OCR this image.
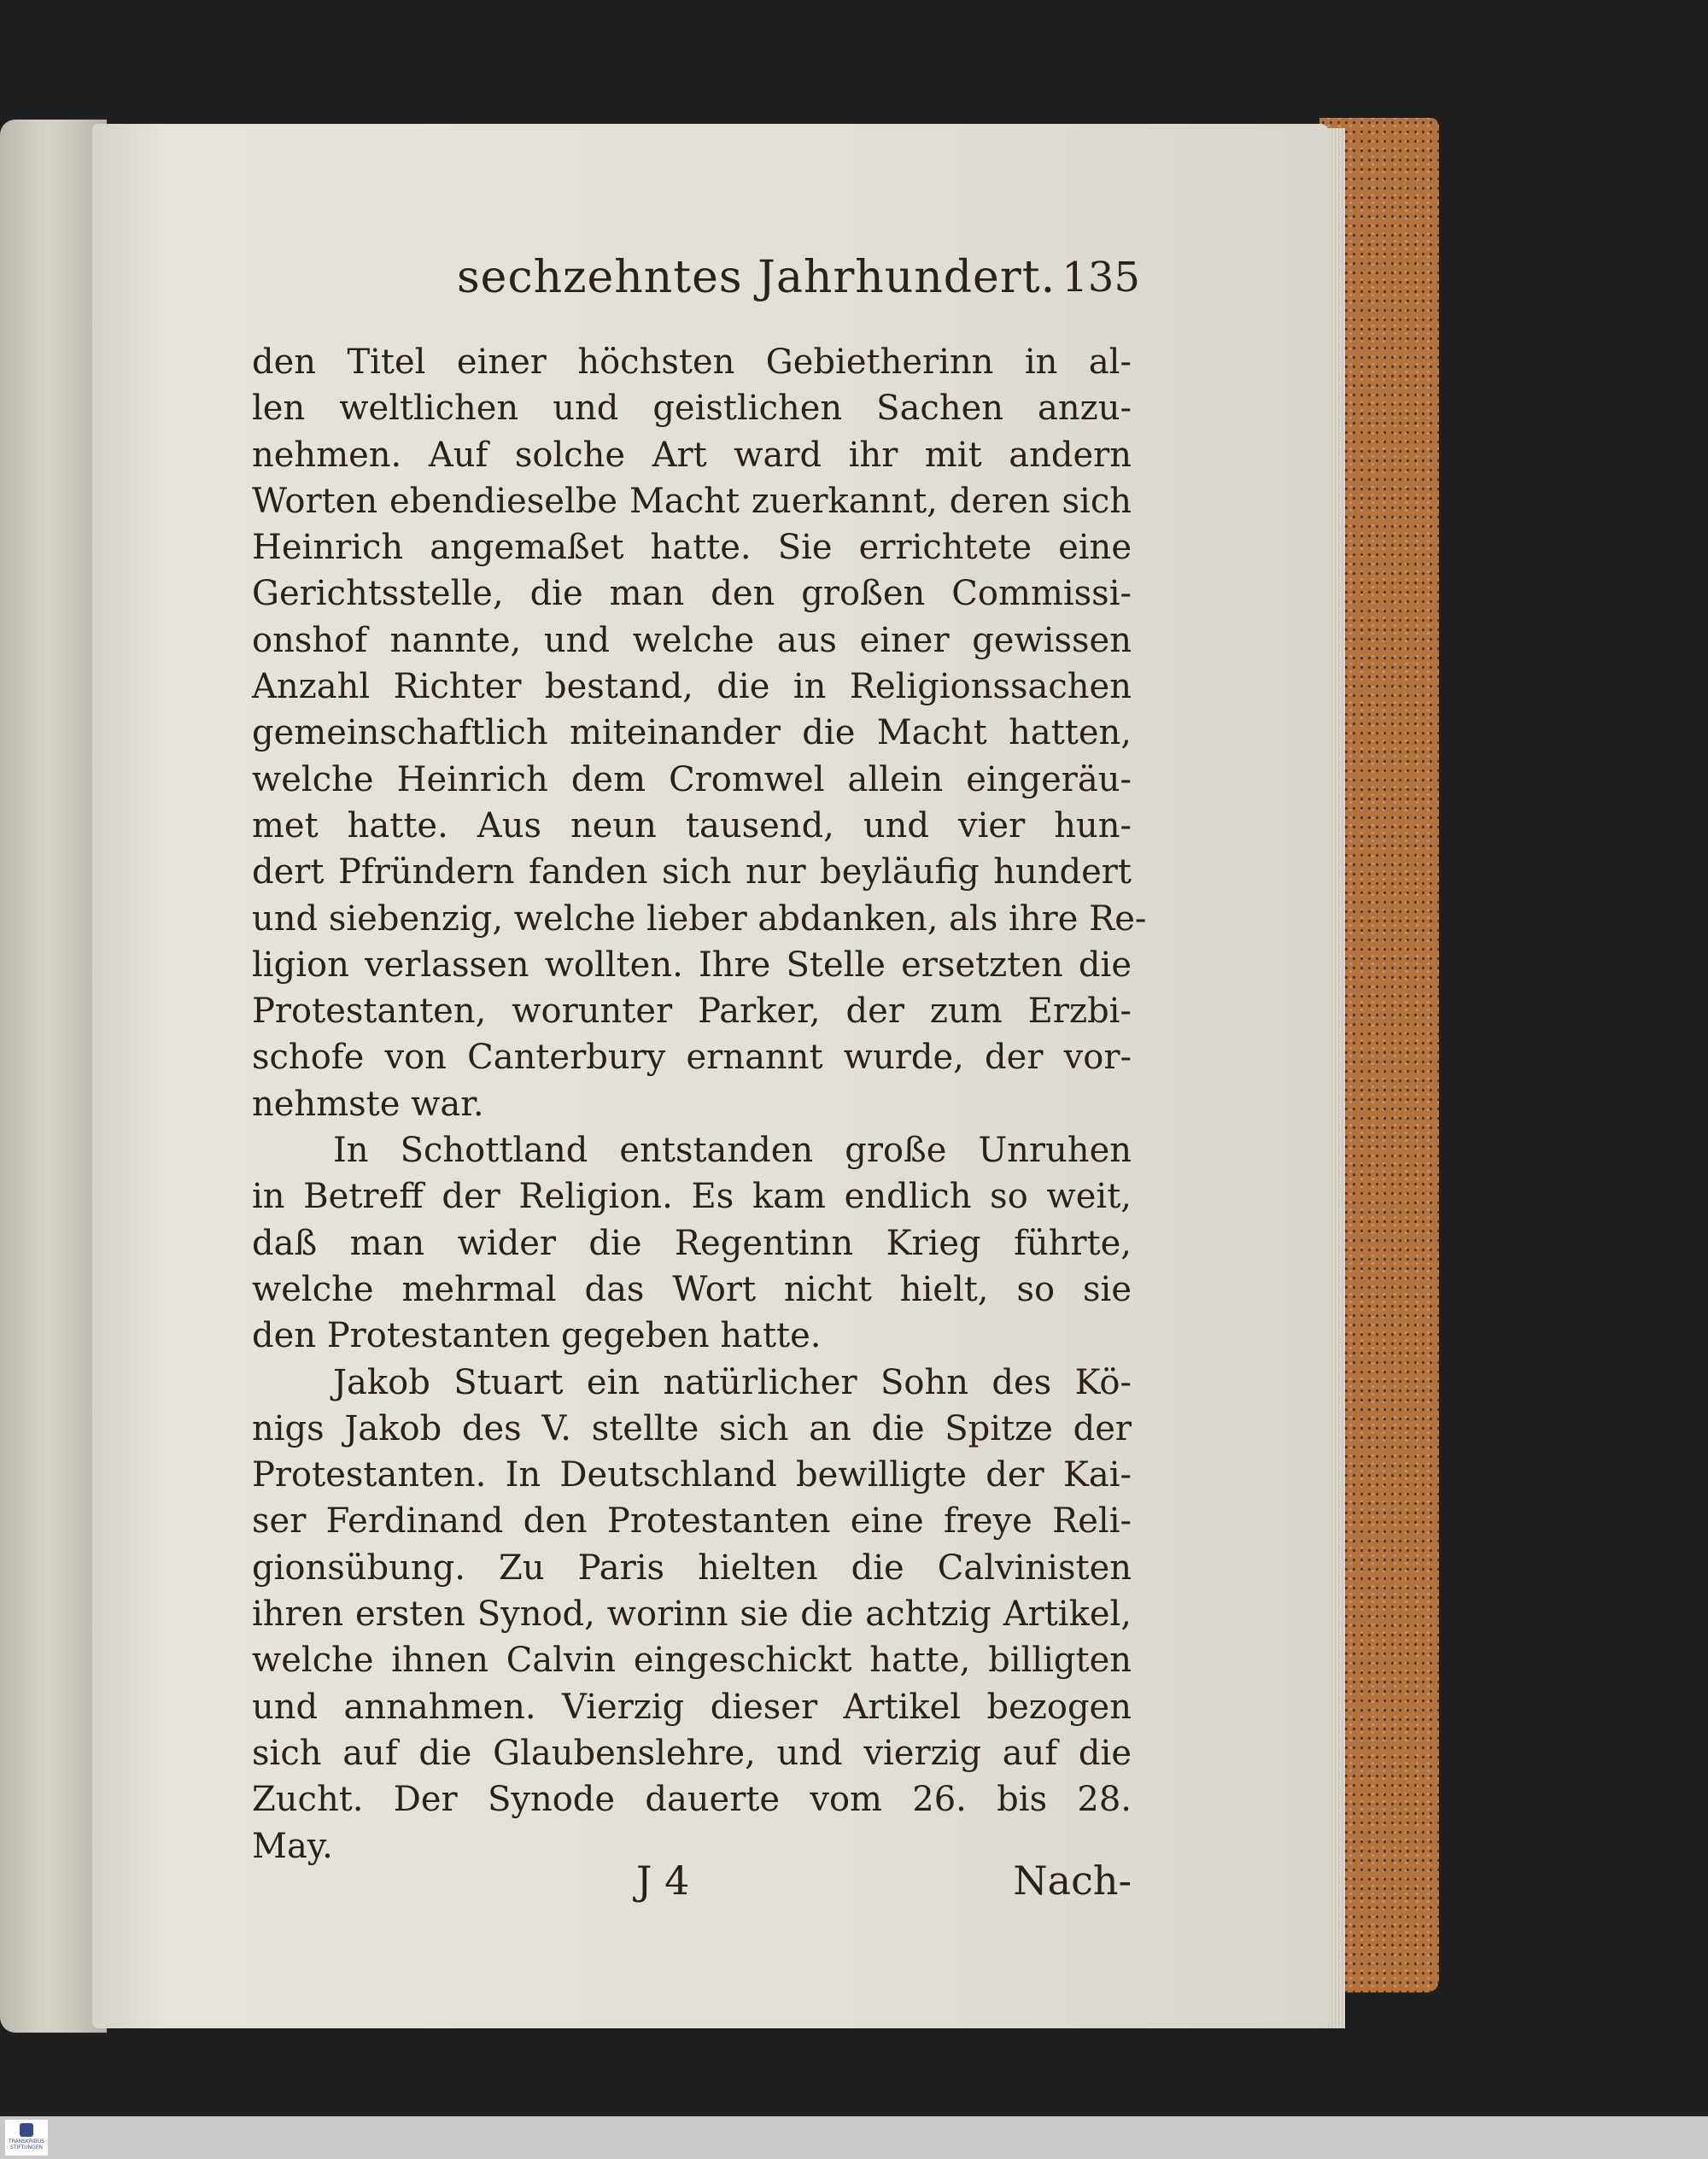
sechzehntes Jahrhundert. 135
den Titel einer höchsten Gebietherinn in al-
len weltlichen und geistlichen Sachen anzu-
nehmen. Auf solche Art ward ihr mit andern
Worten ebendieselbe Macht zuerkannt, deren sich
Heinrich angemaßet hatte. Sie errichtete eine
Gerichtsstelle, die man den großen Commissi-
onshof nannte, und welche aus einer gewissen
Anzahl Richter bestand, die in Religionssachen
gemeinschaftlich miteinander die Macht hatten,
welche Heinrich dem Cromwel allein eingeräu-
met hatte. Aus neun tausend, und vier hun-
dert Pfründern fanden sich nur beyläufig hundert
und siebenzig, welche lieber abdanken, als ihre Re-
ligion verlassen wollten. Ihre Stelle ersetzten die
Protestanten, worunter Parker, der zum Erzbi-
schofe von Canterbury ernannt wurde, der vor-
nehmste war.
In Schottland entstanden große Unruhen
in Betreff der Religion. Es kam endlich so weit,
daß man wider die Regentinn Krieg führte,
welche mehrmal das Wort nicht hielt, so sie
den Protestanten gegeben hatte.
Jakob Stuart ein natürlicher Sohn des Kö-
nigs Jakob des V. stellte sich an die Spitze der
Protestanten. In Deutschland bewilligte der Kai-
ser Ferdinand den Protestanten eine freye Reli-
gionsübung. Zu Paris hielten die Calvinisten
ihren ersten Synod, worinn sie die achtzig Artikel,
welche ihnen Calvin eingeschickt hatte, billigten
und annahmen. Vierzig dieser Artikel bezogen
sich auf die Glaubenslehre, und vierzig auf die
Zucht. Der Synode dauerte vom 26. bis 28.
May.
J 4	Nach-
TRANSKRIBUS STIFTUNGEN
